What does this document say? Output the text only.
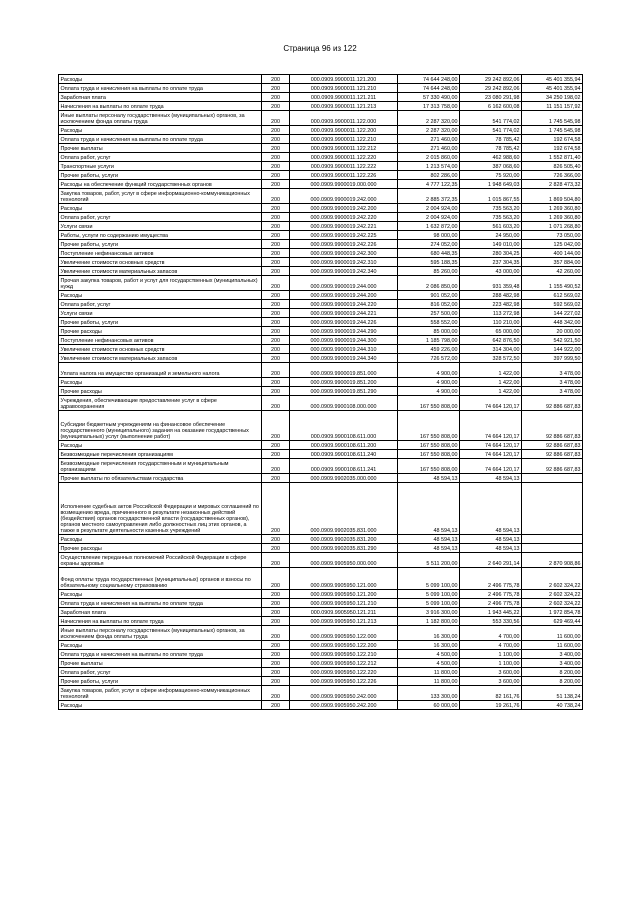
Страница 96 из 122
Расходы	200	000.0909.9900011.121.200	74 644 248,00	29 242 892,06	45 401 355,94
Оплата труда и начисления на выплаты по оплате труда	200	000.0909.9900011.121.210	74 644 248,00	29 242 892,06	45 401 355,94
Заработная плата	200	000.0909.9900011.121.211	57 330 490,00	23 080 291,98	34 250 198,02
Начисления на выплаты по оплате труда	200	000.0909.9900011.121.213	17 313 758,00	6 162 600,08	11 151 157,92
Иные выплаты персоналу государственных (муниципальных) органов, за исключением фонда оплаты труда	200	000.0909.9900011.122.000	2 287 320,00	541 774,02	1 745 545,98
Расходы	200	000.0909.9900011.122.200	2 287 320,00	541 774,02	1 745 545,98
Оплата труда и начисления на выплаты по оплате труда	200	000.0909.9900011.122.210	271 460,00	78 785,42	192 674,58
Прочие выплаты	200	000.0909.9900011.122.212	271 460,00	78 785,42	192 674,58
Оплата работ, услуг	200	000.0909.9900011.122.220	2 015 860,00	462 988,60	1 552 871,40
Транспортные услуги	200	000.0909.9900011.122.222	1 213 574,00	387 068,60	826 505,40
Прочие работы, услуги	200	000.0909.9900011.122.226	802 286,00	75 920,00	726 366,00
Расходы на обеспечение функций государственных органов	200	000.0909.9900019.000.000	4 777 122,35	1 948 649,03	2 828 473,32
Закупка товаров, работ, услуг в сфере информационно-коммуникационных технологий	200	000.0909.9900019.242.000	2 885 372,35	1 015 867,55	1 869 504,80
Расходы	200	000.0909.9900019.242.200	2 004 924,00	735 563,20	1 269 360,80
Оплата работ, услуг	200	000.0909.9900019.242.220	2 004 924,00	735 563,20	1 269 360,80
Услуги связи	200	000.0909.9900019.242.221	1 632 872,00	561 603,20	1 071 268,80
Работы, услуги по содержанию имущества	200	000.0909.9900019.242.225	98 000,00	24 950,00	73 050,00
Прочие работы, услуги	200	000.0909.9900019.242.226	274 052,00	149 010,00	125 042,00
Поступление нефинансовых активов	200	000.0909.9900019.242.300	680 448,35	280 304,25	400 144,00
Увеличение стоимости основных средств	200	000.0909.9900019.242.310	595 188,35	237 304,35	357 884,00
Увеличение стоимости материальных запасов	200	000.0909.9900019.242.340	85 260,00	43 000,00	42 260,00
Прочая закупка товаров, работ и услуг для государственных (муниципальных) нужд	200	000.0909.9900019.244.000	2 086 850,00	931 359,48	1 155 490,52
Расходы	200	000.0909.9900019.244.200	901 052,00	288 482,98	612 569,02
Оплата работ, услуг	200	000.0909.9900019.244.220	816 052,00	223 482,98	592 569,02
Услуги связи	200	000.0909.9900019.244.221	257 500,00	113 272,98	144 227,02
Прочие работы, услуги	200	000.0909.9900019.244.226	558 552,00	110 210,00	448 342,00
Прочие расходы	200	000.0909.9900019.244.290	85 000,00	65 000,00	20 000,00
Поступление нефинансовых активов	200	000.0909.9900019.244.300	1 185 798,00	642 876,50	542 921,50
Увеличение стоимости основных средств	200	000.0909.9900019.244.310	459 226,00	314 304,00	144 922,00
Увеличение стоимости материальных запасов	200	000.0909.9900019.244.340	726 572,00	328 572,50	397 999,50
Уплата налога на имущество организаций и земельного налога	200	000.0909.9900019.851.000	4 900,00	1 422,00	3 478,00
Расходы	200	000.0909.9900019.851.200	4 900,00	1 422,00	3 478,00
Прочие расходы	200	000.0909.9900019.851.290	4 900,00	1 422,00	3 478,00
Учреждения, обеспечивающие предоставление услуг в сфере здравоохранения	200	000.0909.9900108.000.000	167 550 808,00	74 664 120,17	92 886 687,83
Субсидии бюджетным учреждениям на финансовое обеспечение государственного (муниципального) задания на оказание государственных (муниципальных) услуг (выполнение работ)	200	000.0909.9900108.611.000	167 550 808,00	74 664 120,17	92 886 687,83
Расходы	200	000.0909.9900108.611.200	167 550 808,00	74 664 120,17	92 886 687,83
Безвозмездные перечисления организациям	200	000.0909.9900108.611.240	167 550 808,00	74 664 120,17	92 886 687,83
Безвозмездные перечисления государственным и муниципальным организациям	200	000.0909.9900108.611.241	167 550 808,00	74 664 120,17	92 886 687,83
Прочие выплаты по обязательствам государства	200	000.0909.9902035.000.000	48 594,13	48 594,13	
Исполнение судебных актов Российской Федерации и мировых соглашений по возмещению вреда, причиненного в результате незаконных действий (бездействия) органов государственной власти (государственных органов), органов местного самоуправления либо должностных лиц этих органов, а также в результате деятельности казенных учреждений	200	000.0909.9902035.831.000	48 594,13	48 594,13	
Расходы	200	000.0909.9902035.831.200	48 594,13	48 594,13	
Прочие расходы	200	000.0909.9902035.831.290	48 594,13	48 594,13	
Осуществление переданных полномочий Российской Федерации в сфере охраны здоровья	200	000.0909.9905950.000.000	5 511 200,00	2 640 291,14	2 870 908,86
Фонд оплаты труда государственных (муниципальных) органов и взносы по обязательному социальному страхованию	200	000.0909.9905950.121.000	5 099 100,00	2 496 775,78	2 602 324,22
Расходы	200	000.0909.9905950.121.200	5 099 100,00	2 496 775,78	2 602 324,22
Оплата труда и начисления на выплаты по оплате труда	200	000.0909.9905950.121.210	5 099 100,00	2 496 775,78	2 602 324,22
Заработная плата	200	000.0909.9905950.121.211	3 916 300,00	1 943 445,22	1 972 854,78
Начисления на выплаты по оплате труда	200	000.0909.9905950.121.213	1 182 800,00	553 330,56	629 469,44
Иные выплаты персоналу государственных (муниципальных) органов, за исключением фонда оплаты труда	200	000.0909.9905950.122.000	16 300,00	4 700,00	11 600,00
Расходы	200	000.0909.9905950.122.200	16 300,00	4 700,00	11 600,00
Оплата труда и начисления на выплаты по оплате труда	200	000.0909.9905950.122.210	4 500,00	1 100,00	3 400,00
Прочие выплаты	200	000.0909.9905950.122.212	4 500,00	1 100,00	3 400,00
Оплата работ, услуг	200	000.0909.9905950.122.220	11 800,00	3 600,00	8 200,00
Прочие работы, услуги	200	000.0909.9905950.122.226	11 800,00	3 600,00	8 200,00
Закупка товаров, работ, услуг в сфере информационно-коммуникационных технологий	200	000.0909.9905950.242.000	133 300,00	82 161,76	51 138,24
Расходы	200	000.0909.9905950.242.200	60 000,00	19 261,76	40 738,24
